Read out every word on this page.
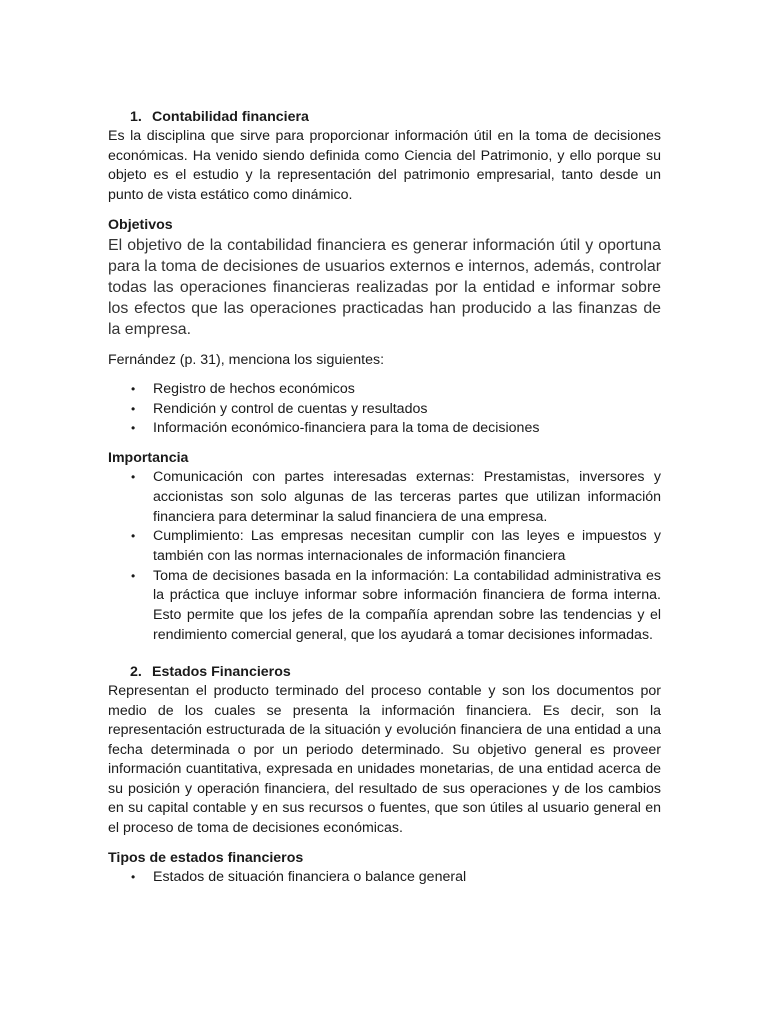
1. Contabilidad financiera

Es la disciplina que sirve para proporcionar información útil en la toma de decisiones económicas. Ha venido siendo definida como Ciencia del Patrimonio, y ello porque su objeto es el estudio y la representación del patrimonio empresarial, tanto desde un punto de vista estático como dinámico.

Objetivos

El objetivo de la contabilidad financiera es generar información útil y oportuna para la toma de decisiones de usuarios externos e internos, además, controlar todas las operaciones financieras realizadas por la entidad e informar sobre los efectos que las operaciones practicadas han producido a las finanzas de la empresa.

Fernández (p. 31), menciona los siguientes:

• Registro de hechos económicos
• Rendición y control de cuentas y resultados
• Información económico-financiera para la toma de decisiones

Importancia

• Comunicación con partes interesadas externas: Prestamistas, inversores y accionistas son solo algunas de las terceras partes que utilizan información financiera para determinar la salud financiera de una empresa.
• Cumplimiento: Las empresas necesitan cumplir con las leyes e impuestos y también con las normas internacionales de información financiera
• Toma de decisiones basada en la información: La contabilidad administrativa es la práctica que incluye informar sobre información financiera de forma interna. Esto permite que los jefes de la compañía aprendan sobre las tendencias y el rendimiento comercial general, que los ayudará a tomar decisiones informadas.
2. Estados Financieros

Representan el producto terminado del proceso contable y son los documentos por medio de los cuales se presenta la información financiera. Es decir, son la representación estructurada de la situación y evolución financiera de una entidad a una fecha determinada o por un periodo determinado. Su objetivo general es proveer información cuantitativa, expresada en unidades monetarias, de una entidad acerca de su posición y operación financiera, del resultado de sus operaciones y de los cambios en su capital contable y en sus recursos o fuentes, que son útiles al usuario general en el proceso de toma de decisiones económicas.

Tipos de estados financieros

• Estados de situación financiera o balance general
